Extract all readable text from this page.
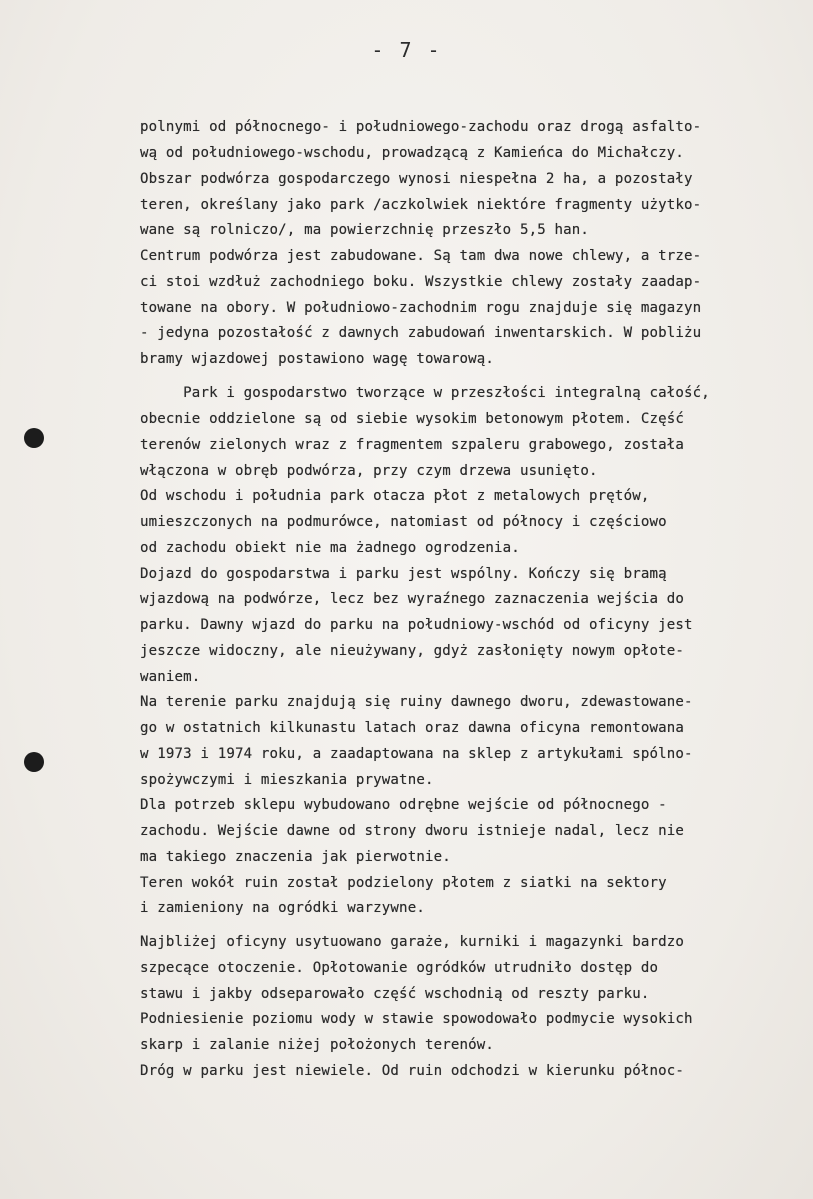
- 7 -
polnymi od północnego- i południowego-zachodu oraz drogą asfalto-
wą od południowego-wschodu, prowadzącą z Kamieńca do Michałczy.
Obszar podwórza gospodarczego wynosi niespełna 2 ha, a pozostały
teren, określany jako park /aczkolwiek niektóre fragmenty użytko-
wane są rolniczo/, ma powierzchnię przeszło 5,5 han.
Centrum podwórza jest zabudowane. Są tam dwa nowe chlewy, a trze-
ci stoi wzdłuż zachodniego boku. Wszystkie chlewy zostały zaadap-
towane na obory. W południowo-zachodnim rogu znajduje się magazyn
- jedyna pozostałość z dawnych zabudowań inwentarskich. W pobliżu
bramy wjazdowej postawiono wagę towarową.
Park i gospodarstwo tworzące w przeszłości integralną całość,
obecnie oddzielone są od siebie wysokim betonowym płotem. Część
terenów zielonych wraz z fragmentem szpaleru grabowego, została
włączona w obręb podwórza, przy czym drzewa usunięto.
Od wschodu i południa park otacza płot z metalowych prętów,
umieszczonych na podmurówce, natomiast od północy i częściowo
od zachodu obiekt nie ma żadnego ogrodzenia.
Dojazd do gospodarstwa i parku jest wspólny. Kończy się bramą
wjazdową na podwórze, lecz bez wyraźnego zaznaczenia wejścia do
parku. Dawny wjazd do parku na południowy-wschód od oficyny jest
jeszcze widoczny, ale nieużywany, gdyż zasłonięty nowym opłote-
waniem.
Na terenie parku znajdują się ruiny dawnego dworu, zdewastowane-
go w ostatnich kilkunastu latach oraz dawna oficyna remontowana
w 1973 i 1974 roku, a zaadaptowana na sklep z artykułami spólno-
spożywczymi i mieszkania prywatne.
Dla potrzeb sklepu wybudowano odrębne wejście od północnego -
zachodu. Wejście dawne od strony dworu istnieje nadal, lecz nie
ma takiego znaczenia jak pierwotnie.
Teren wokół ruin został podzielony płotem z siatki na sektory
i zamieniony na ogródki warzywne.
Najbliżej oficyny usytuowano garaże, kurniki i magazynki bardzo
szpecące otoczenie. Opłotowanie ogródków utrudniło dostęp do
stawu i jakby odseparowało część wschodnią od reszty parku.
Podniesienie poziomu wody w stawie spowodowało podmycie wysokich
skarp i zalanie niżej położonych terenów.
Dróg w parku jest niewiele. Od ruin odchodzi w kierunku północ-
